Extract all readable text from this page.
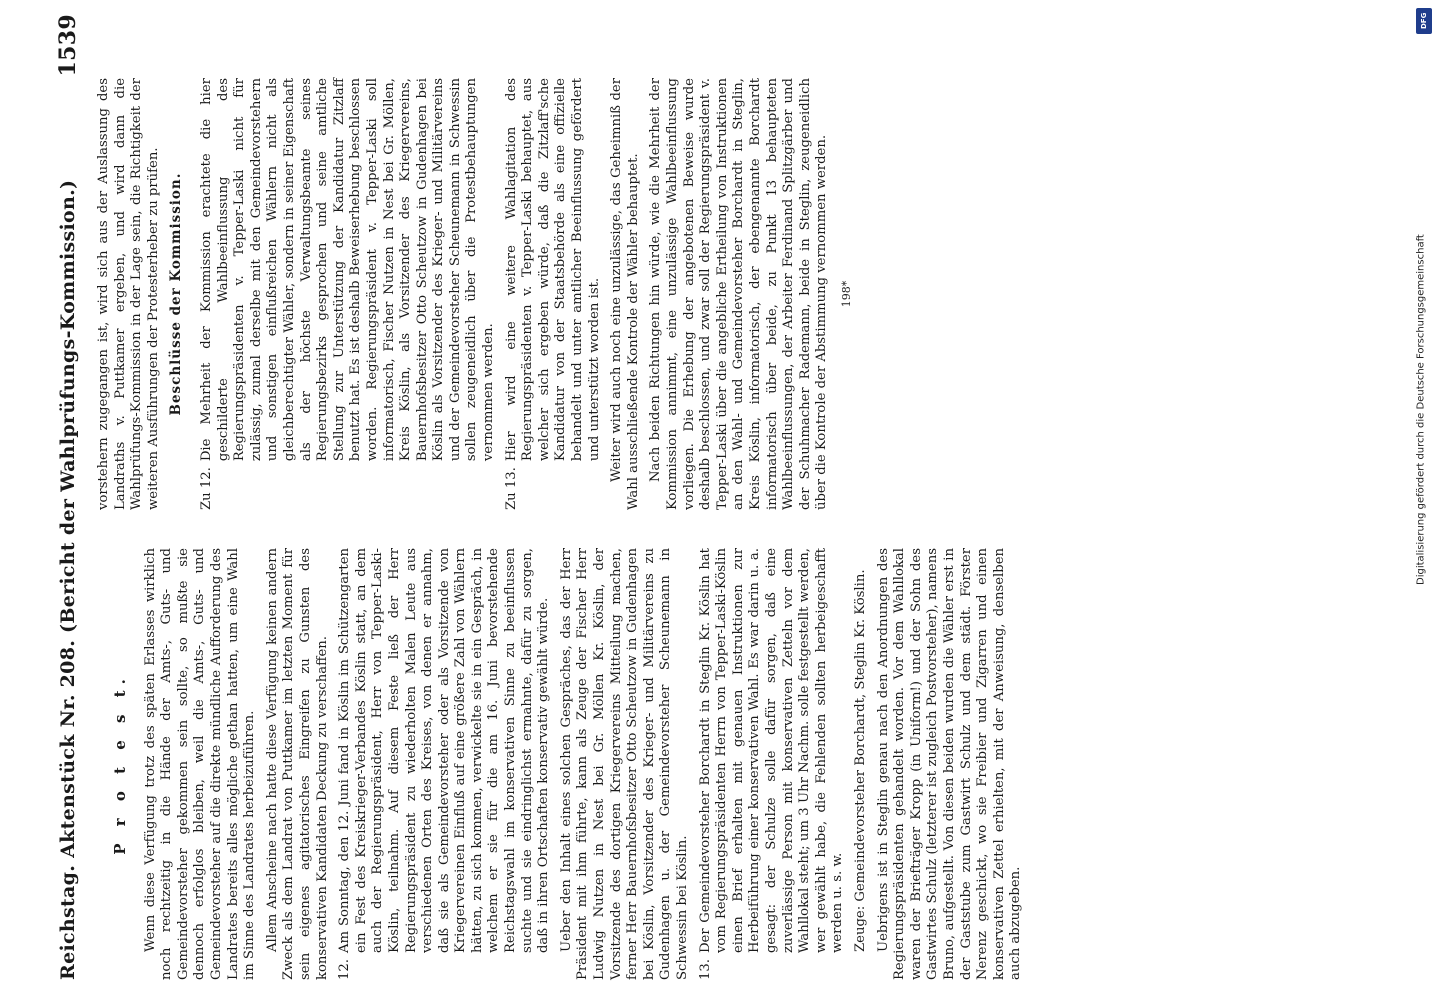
Reichstag. Aktenstück Nr. 208. (Bericht der Wahlprüfungs-Kommission.)
1539
P r o t e s t. Wenn diese Verfügung trotz des späten Erlasses wirklich noch rechtzeitig in die Hände der Amts-, Guts- und Gemeindevorsteher gekommen sein sollte, so mußte sie dennoch erfolglos bleiben, weil die Amts-, Guts- und Gemeindevorsteher auf die direkte mündliche Aufforderung des Landrates bereits alles mögliche gethan hatten, um eine Wahl im Sinne des Landrates herbeizuführen. Allem Anscheine nach hatte diese Verfügung keinen andern Zweck als dem Landrat von Puttkamer im letzten Moment für sein eigenes agitatorisches Eingreifen zu Gunsten des konservativen Kandidaten Deckung zu verschaffen. 12.
Am Sonntag, den 12. Juni fand in Köslin im Schützengarten ein Fest des Kreiskrieger-Verbandes Köslin statt, an dem auch der Regierungspräsident, Herr von Tepper-Laski-Köslin, teilnahm. Auf diesem Feste ließ der Herr Regierungspräsident zu wiederholten Malen Leute aus verschiedenen Orten des Kreises, von denen er annahm, daß sie als Gemeindevorsteher oder als Vorsitzende von Kriegervereinen Einfluß auf eine größere Zahl von Wählern hätten, zu sich kommen, verwickelte sie in ein Gespräch, in welchem er sie für die am 16. Juni bevorstehende Reichstagswahl im konservativen Sinne zu beeinflussen suchte und sie eindringlichst ermahnte, dafür zu sorgen, daß in ihren Ortschaften konservativ gewählt würde. Ueber den Inhalt eines solchen Gespräches, das der Herr Präsident mit ihm führte, kann als Zeuge der Fischer Herr Ludwig Nutzen in Nest bei Gr. Möllen Kr. Köslin, der Vorsitzende des dortigen Kriegervereins Mitteilung machen, ferner Herr Bauernhofsbesitzer Otto Scheutzow in Gudenhagen bei Köslin, Vorsitzender des Krieger- und Militärvereins zu Gudenhagen u. der Gemeindevorsteher Scheunemann in Schwessin bei Köslin. 13.
Der Gemeindevorsteher Borchardt in Steglin Kr. Köslin hat vom Regierungspräsidenten Herrn von Tepper-Laski-Köslin einen Brief erhalten mit genauen Instruktionen zur Herbeiführung einer konservativen Wahl. Es war darin u. a. gesagt: der Schulze solle dafür sorgen, daß eine zuverlässige Person mit konservativen Zetteln vor dem Wahllokal steht; um 3 Uhr Nachm. solle festgestellt werden, wer gewählt habe, die Fehlenden sollten herbeigeschafft werden u. s. w. Zeuge: Gemeindevorsteher Borchardt, Steglin Kr. Köslin. Uebrigens ist in Steglin genau nach den Anordnungen des Regierungspräsidenten gehandelt worden. Vor dem Wahllokal waren der Briefträger Kropp (in Uniform!) und der Sohn des Gastwirtes Schulz (letzterer ist zugleich Postvorsteher), namens Bruno, aufgestellt. Von diesen beiden wurden die Wähler erst in der Gaststube zum Gastwirt Schulz und dem städt. Förster Nerenz geschickt, wo sie Freibier und Zigarren und einen konservativen Zettel erhielten, mit der Anweisung, denselben auch abzugeben.

vorstehern zugegangen ist, wird sich aus der Auslassung des Landraths v. Puttkamer ergeben, und wird dann die Wahlprüfungs-Kommission in der Lage sein, die Richtigkeit der weiteren Ausführungen der Protesterheber zu prüfen. Beschlüsse der Kommission.
Zu 12.
Die Mehrheit der Kommission erachtete die hier geschilderte Wahlbeeinflussung des Regierungspräsidenten v. Tepper-Laski nicht für zulässig, zumal derselbe mit den Gemeindevorstehern und sonstigen einflußreichen Wählern nicht als gleichberechtigter Wähler, sondern in seiner Eigenschaft als der höchste Verwaltungsbeamte seines Regierungsbezirks gesprochen und seine amtliche Stellung zur Unterstützung der Kandidatur Zitzlaff benutzt hat. Es ist deshalb Beweiserhebung beschlossen worden. Regierungspräsident v. Tepper-Laski soll informatorisch, Fischer Nutzen in Nest bei Gr. Möllen, Kreis Köslin, als Vorsitzender des Kriegervereins, Bauernhofsbesitzer Otto Scheutzow in Gudenhagen bei Köslin als Vorsitzender des Krieger- und Militärvereins und der Gemeindevorsteher Scheunemann in Schwessin sollen zeugeneidlich über die Protestbehauptungen vernommen werden.
Zu 13.
Hier wird eine weitere Wahlagitation des Regierungspräsidenten v. Tepper-Laski behauptet, aus welcher sich ergeben würde, daß die Zitzlaff'sche Kandidatur von der Staatsbehörde als eine offizielle behandelt und unter amtlicher Beeinflussung gefördert und unterstützt worden ist. Weiter wird auch noch eine unzulässige, das Geheimniß der Wahl ausschließende Kontrole der Wähler behauptet. Nach beiden Richtungen hin würde, wie die Mehrheit der Kommission annimmt, eine unzulässige Wahlbeeinflussung vorliegen. Die Erhebung der angebotenen Beweise wurde deshalb beschlossen, und zwar soll der Regierungspräsident v. Tepper-Laski über die angebliche Ertheilung von Instruktionen an den Wahl- und Gemeindevorsteher Borchardt in Steglin, Kreis Köslin, informatorisch, der ebengenannte Borchardt informatorisch über beide, zu Punkt 13 behaupteten Wahlbeeinflussungen, der Arbeiter Ferdinand Splitzgärber und der Schuhmacher Rademann, beide in Steglin, zeugeneidlich über die Kontrole der Abstimmung vernommen werden. 198*
DFG
Digitalisierung gefördert durch die Deutsche Forschungsgemeinschaft
